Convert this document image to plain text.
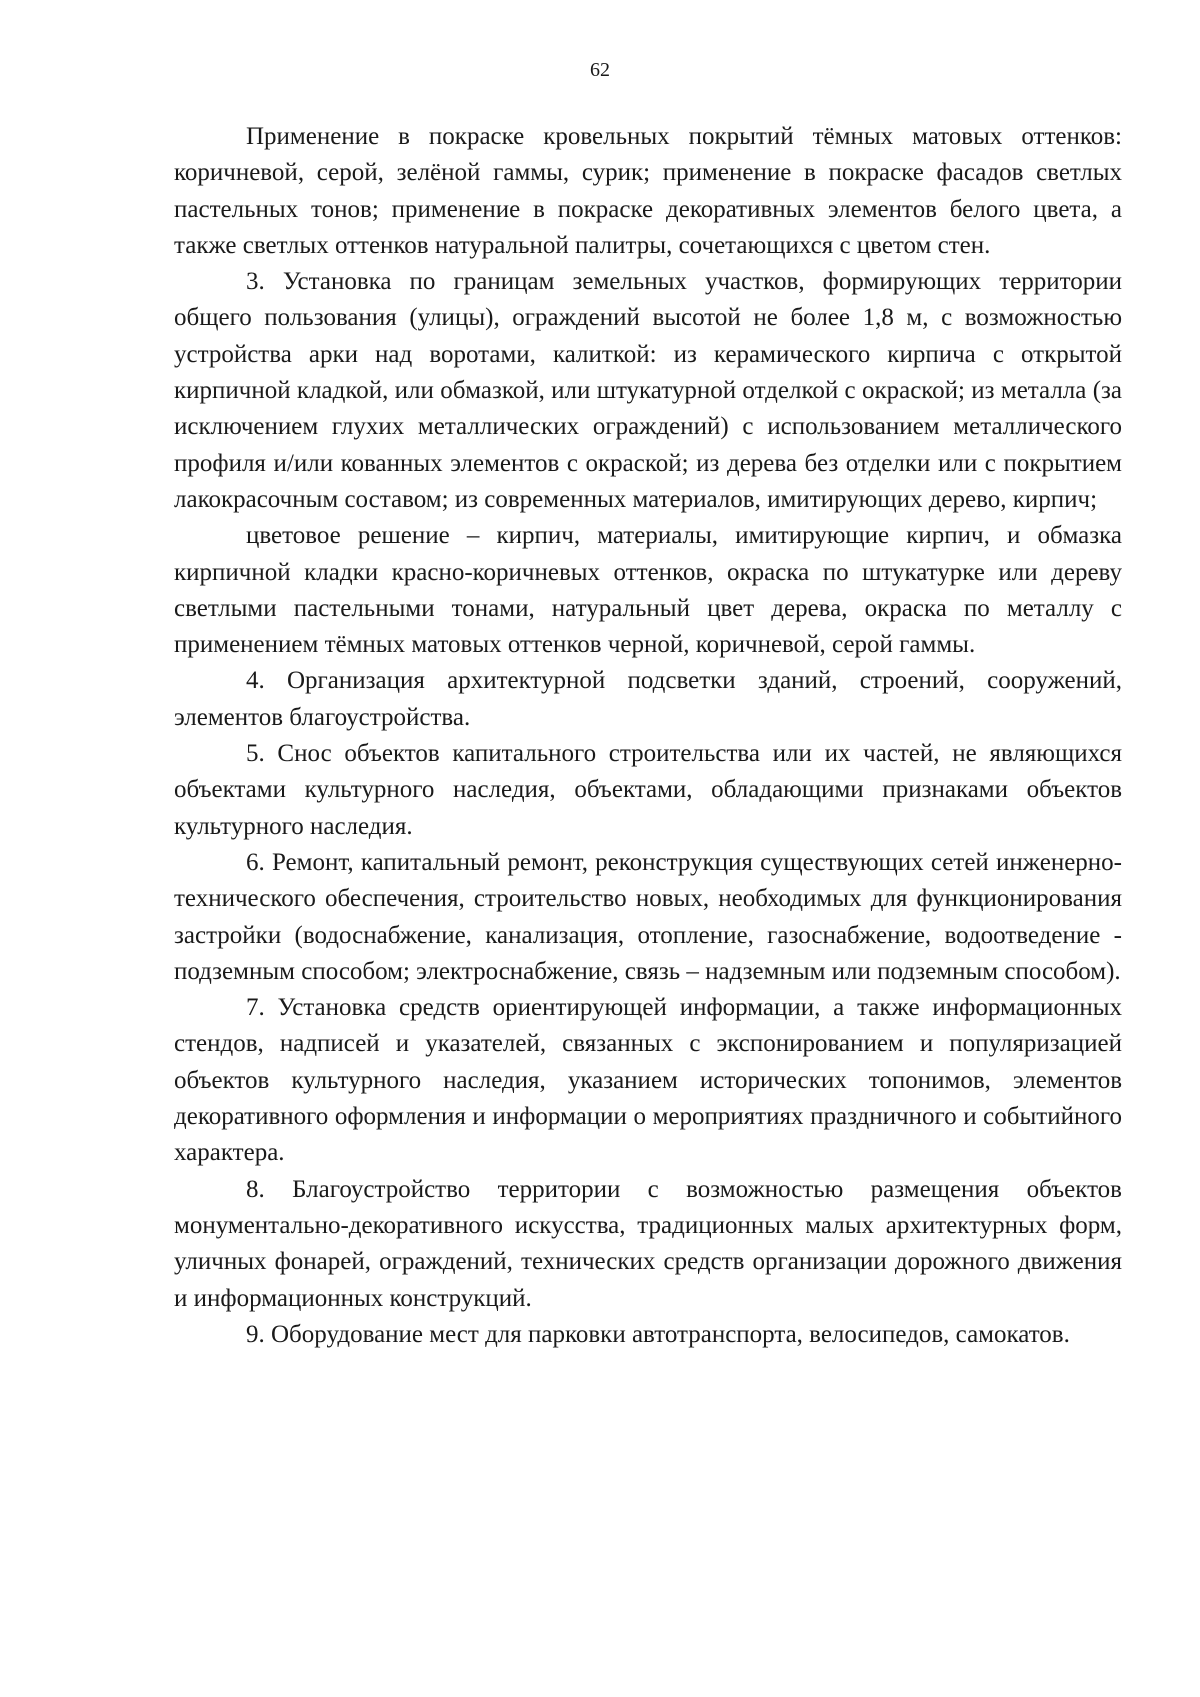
62

Применение в покраске кровельных покрытий тёмных матовых оттенков: коричневой, серой, зелёной гаммы, сурик; применение в покраске фасадов светлых пастельных тонов; применение в покраске декоративных элементов белого цвета, а также светлых оттенков натуральной палитры, сочетающихся с цветом стен.

3. Установка по границам земельных участков, формирующих территории общего пользования (улицы), ограждений высотой не более 1,8 м, с возможностью устройства арки над воротами, калиткой: из керамического кирпича с открытой кирпичной кладкой, или обмазкой, или штукатурной отделкой с окраской; из металла (за исключением глухих металлических ограждений) с использованием металлического профиля и/или кованных элементов с окраской; из дерева без отделки или с покрытием лакокрасочным составом; из современных материалов, имитирующих дерево, кирпич;

цветовое решение – кирпич, материалы, имитирующие кирпич, и обмазка кирпичной кладки красно-коричневых оттенков, окраска по штукатурке или дереву светлыми пастельными тонами, натуральный цвет дерева, окраска по металлу с применением тёмных матовых оттенков черной, коричневой, серой гаммы.

4. Организация архитектурной подсветки зданий, строений, сооружений, элементов благоустройства.

5. Снос объектов капитального строительства или их частей, не являющихся объектами культурного наследия, объектами, обладающими признаками объектов культурного наследия.

6. Ремонт, капитальный ремонт, реконструкция существующих сетей инженерно-технического обеспечения, строительство новых, необходимых для функционирования застройки (водоснабжение, канализация, отопление, газоснабжение, водоотведение - подземным способом; электроснабжение, связь – надземным или подземным способом).

7. Установка средств ориентирующей информации, а также информационных стендов, надписей и указателей, связанных с экспонированием и популяризацией объектов культурного наследия, указанием исторических топонимов, элементов декоративного оформления и информации о мероприятиях праздничного и событийного характера.

8. Благоустройство территории с возможностью размещения объектов монументально-декоративного искусства, традиционных малых архитектурных форм, уличных фонарей, ограждений, технических средств организации дорожного движения и информационных конструкций.

9. Оборудование мест для парковки автотранспорта, велосипедов, самокатов.
